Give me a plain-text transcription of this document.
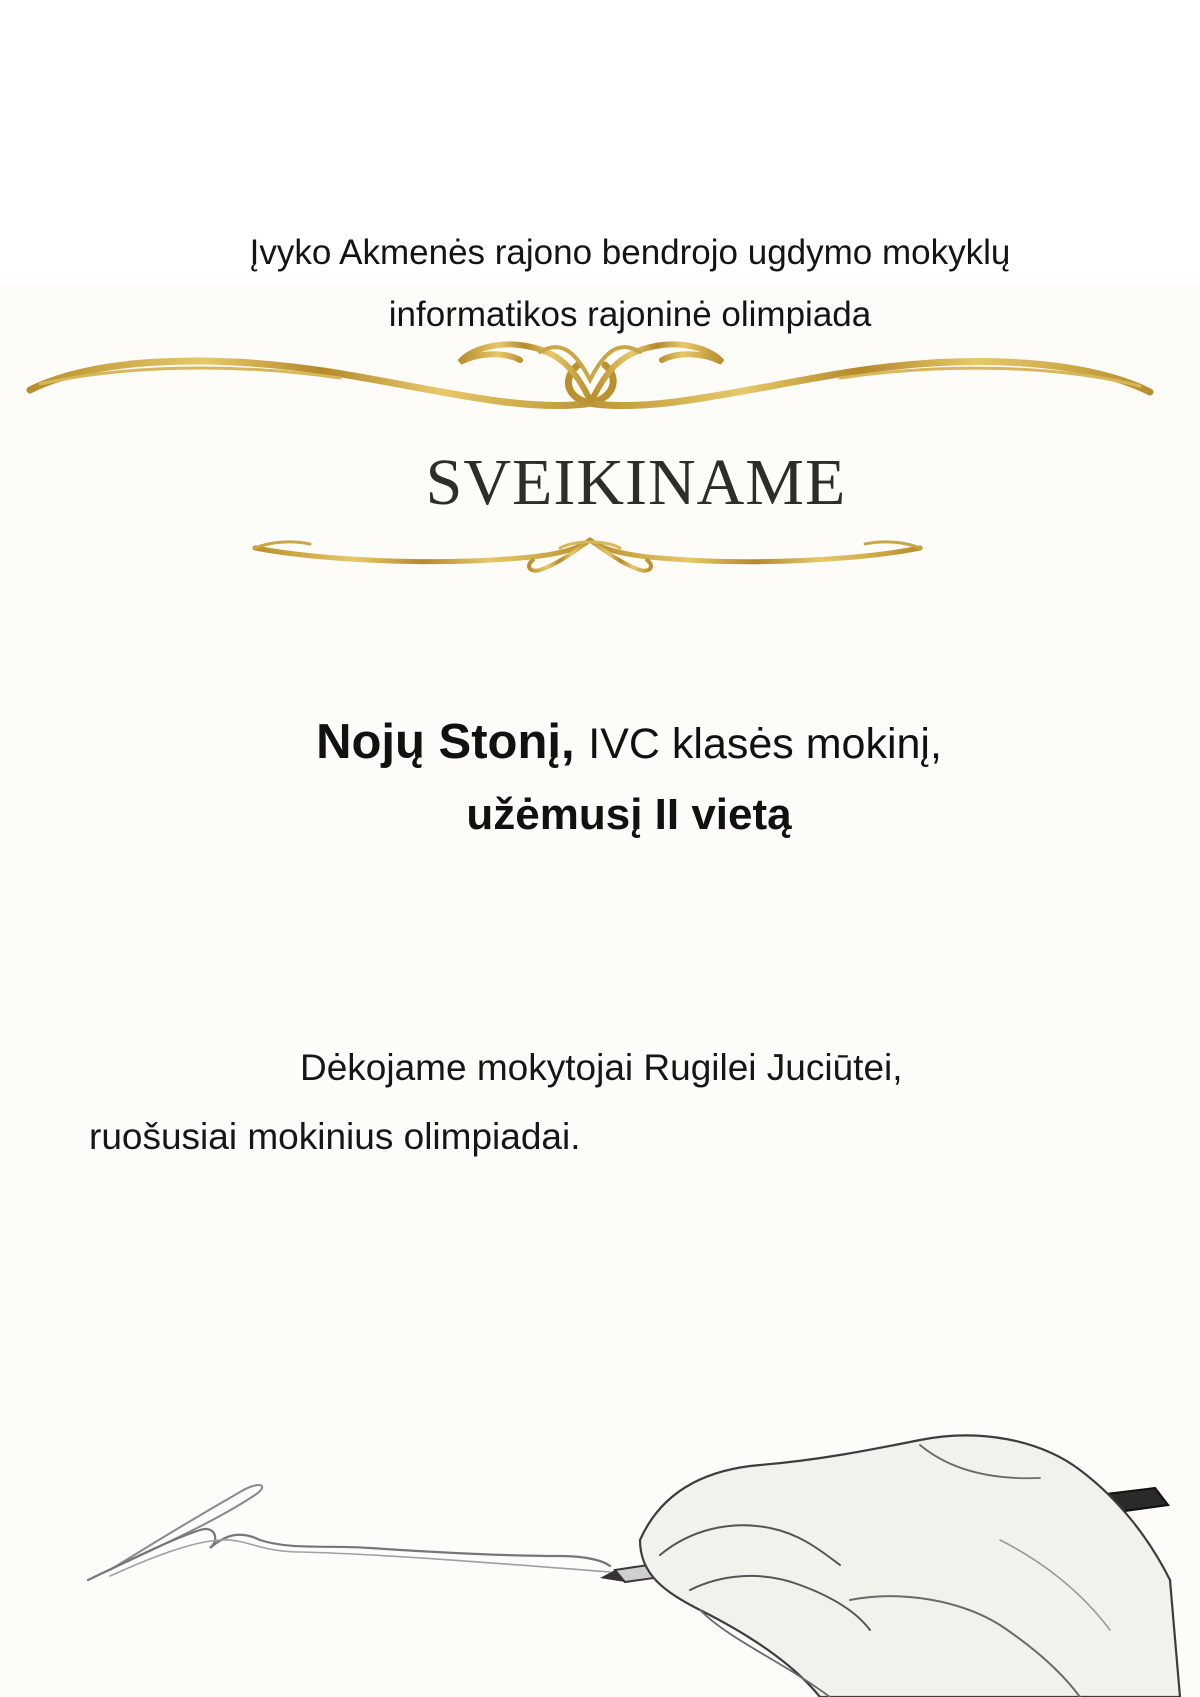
Įvyko Akmenės rajono bendrojo ugdymo mokyklų
informatikos rajoninė olimpiada
SVEIKINAME
Nojų Stonį, IVC klasės mokinį,
užėmusį II vietą
Dėkojame mokytojai Rugilei Juciūtei,
ruošusiai mokinius olimpiadai.
